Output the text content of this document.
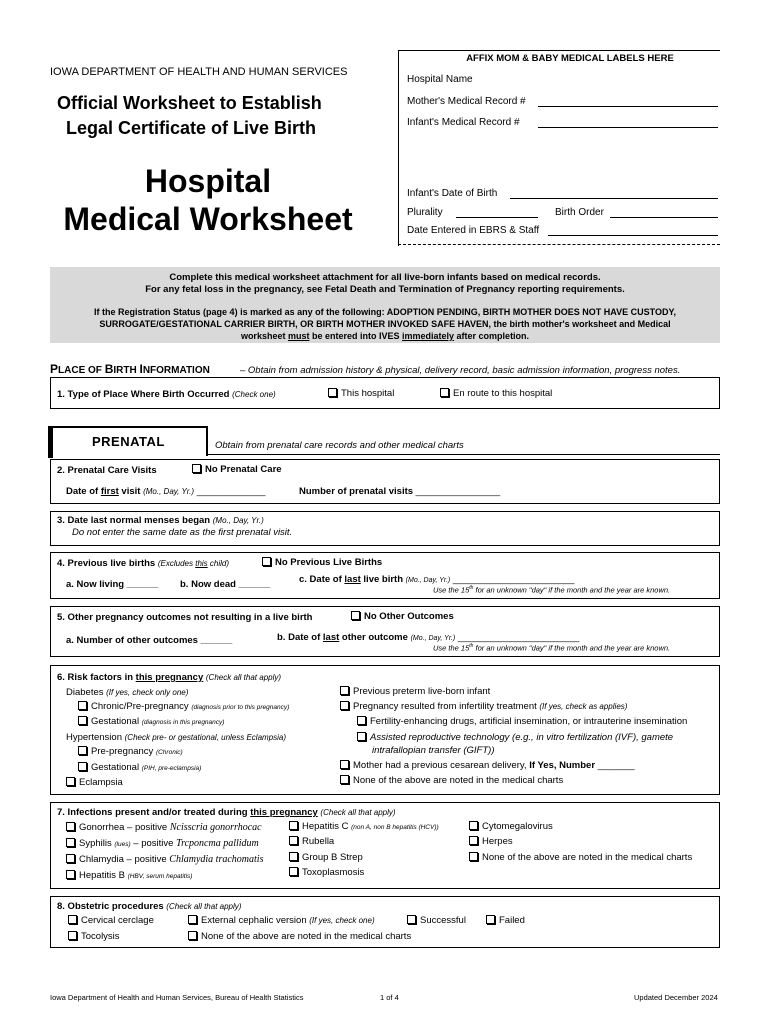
IOWA DEPARTMENT OF HEALTH AND HUMAN SERVICES
Official Worksheet to Establish
Legal Certificate of Live Birth
Hospital
Medical Worksheet
AFFIX MOM & BABY MEDICAL LABELS HERE
Hospital Name
Mother's Medical Record #
Infant's Medical Record #
Infant's Date of Birth
Plurality	Birth Order
Date Entered in EBRS & Staff
Complete this medical worksheet attachment for all live-born infants based on medical records.
For any fetal loss in the pregnancy, see Fetal Death and Termination of Pregnancy reporting requirements.
If the Registration Status (page 4) is marked as any of the following: ADOPTION PENDING, BIRTH MOTHER DOES NOT HAVE CUSTODY,
SURROGATE/GESTATIONAL CARRIER BIRTH, OR BIRTH MOTHER INVOKED SAFE HAVEN, the birth mother's worksheet and Medical
worksheet must be entered into IVES immediately after completion.
PLACE OF BIRTH INFORMATION	– Obtain from admission history & physical, delivery record, basic admission information, progress notes.
1. Type of Place Where Birth Occurred (Check one)	This hospital	En route to this hospital
PRENATAL	Obtain from prenatal care records and other medical charts
2. Prenatal Care Visits	No Prenatal Care
Date of first visit (Mo., Day, Yr.) _____________	Number of prenatal visits ________________
3. Date last normal menses began (Mo., Day, Yr.)
Do not enter the same date as the first prenatal visit.
4. Previous live births (Excludes this child)	No Previous Live Births
a. Now living ______ b. Now dead ______	c. Date of last live birth (Mo., Day, Yr.) _______________________
Use the 15th for an unknown "day" if the month and the year are known.
5. Other pregnancy outcomes not resulting in a live birth	No Other Outcomes
a. Number of other outcomes ______	b. Date of last other outcome (Mo., Day, Yr.) _______________________
Use the 15th for an unknown "day" if the month and the year are known.
6. Risk factors in this pregnancy (Check all that apply)
Diabetes (If yes, check only one)
Chronic/Pre-pregnancy (diagnosis prior to this pregnancy)
Gestational (diagnosis in this pregnancy)
Hypertension (Check pre- or gestational, unless Eclampsia)
Pre-pregnancy (Chronic)
Gestational (PIH, pre-eclampsia)
Eclampsia
Previous preterm live-born infant
Pregnancy resulted from infertility treatment (If yes, check as applies)
Fertility-enhancing drugs, artificial insemination, or intrauterine insemination
Assisted reproductive technology (e.g., in vitro fertilization (IVF), gamete
intrafallopian transfer (GIFT))
Mother had a previous cesarean delivery, If Yes, Number _______
None of the above are noted in the medical charts
7. Infections present and/or treated during this pregnancy (Check all that apply)
Gonorrhea – positive Ncisscria gonorrhocac
Syphilis (lues) – positive Trcponcma pallidum
Chlamydia – positive Chlamydia trachomatis
Hepatitis B (HBV, serum hepatitis)
Hepatitis C (non A, non B hepatitis (HCV))
Rubella
Group B Strep
Toxoplasmosis
Cytomegalovirus
Herpes
None of the above are noted in the medical charts
8. Obstetric procedures (Check all that apply)
Cervical cerclage	External cephalic version (If yes, check one)	Successful	Failed
Tocolysis	None of the above are noted in the medical charts
Iowa Department of Health and Human Services, Bureau of Health Statistics	1 of 4	Updated December 2024
